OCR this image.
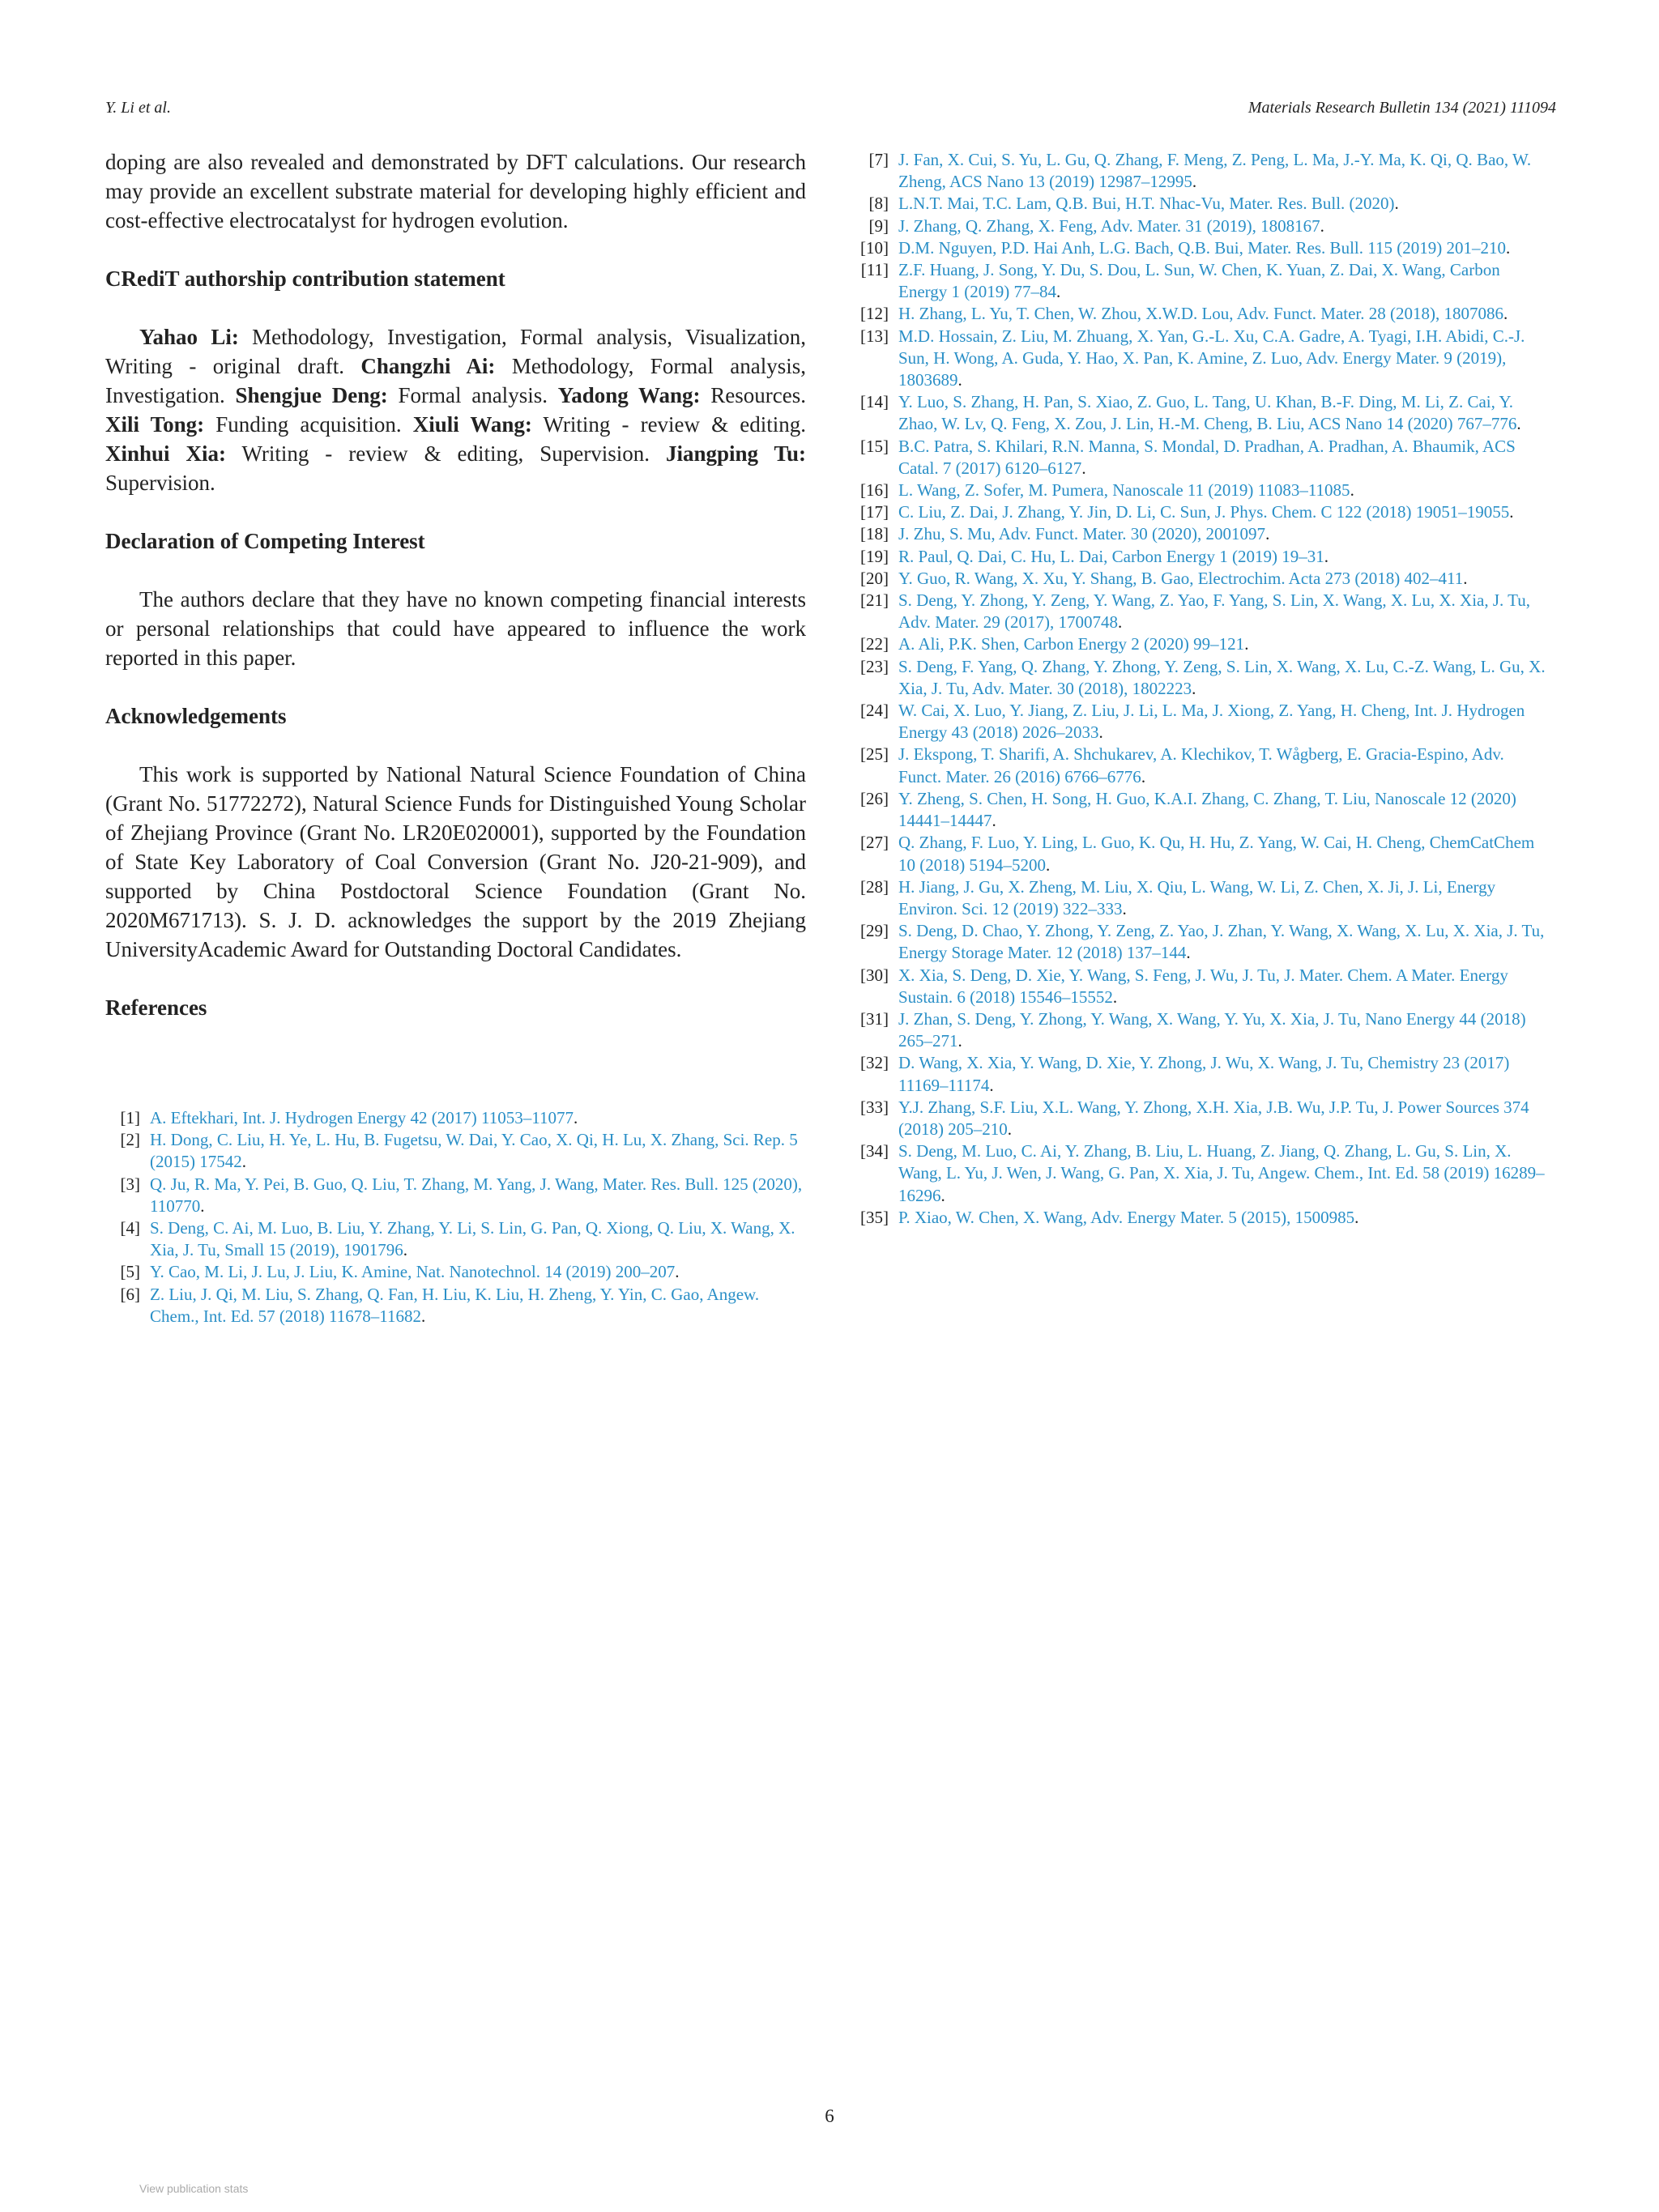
Y. Li et al.	Materials Research Bulletin 134 (2021) 111094

doping are also revealed and demonstrated by DFT calculations. Our research may provide an excellent substrate material for developing highly efficient and cost-effective electrocatalyst for hydrogen evolution.

CRediT authorship contribution statement

Yahao Li: Methodology, Investigation, Formal analysis, Visualization, Writing - original draft. Changzhi Ai: Methodology, Formal analysis, Investigation. Shengjue Deng: Formal analysis. Yadong Wang: Resources. Xili Tong: Funding acquisition. Xiuli Wang: Writing - review & editing. Xinhui Xia: Writing - review & editing, Supervision. Jiangping Tu: Supervision.

Declaration of Competing Interest

The authors declare that they have no known competing financial interests or personal relationships that could have appeared to influence the work reported in this paper.

Acknowledgements

This work is supported by National Natural Science Foundation of China (Grant No. 51772272), Natural Science Funds for Distinguished Young Scholar of Zhejiang Province (Grant No. LR20E020001), supported by the Foundation of State Key Laboratory of Coal Conversion (Grant No. J20-21-909), and supported by China Postdoctoral Science Foundation (Grant No. 2020M671713). S. J. D. acknowledges the support by the 2019 Zhejiang UniversityAcademic Award for Outstanding Doctoral Candidates.

References
[1] A. Eftekhari, Int. J. Hydrogen Energy 42 (2017) 11053–11077 .
[2] H. Dong, C. Liu, H. Ye, L. Hu, B. Fugetsu, W. Dai, Y. Cao, X. Qi, H. Lu, X. Zhang, Sci. Rep. 5 (2015) 17542 .
[3] Q. Ju, R. Ma, Y. Pei, B. Guo, Q. Liu, T. Zhang, M. Yang, J. Wang, Mater. Res. Bull. 125 (2020), 110770 .
[4] S. Deng, C. Ai, M. Luo, B. Liu, Y. Zhang, Y. Li, S. Lin, G. Pan, Q. Xiong, Q. Liu, X. Wang, X. Xia, J. Tu, Small 15 (2019), 1901796 .
[5] Y. Cao, M. Li, J. Lu, J. Liu, K. Amine, Nat. Nanotechnol. 14 (2019) 200–207 .
[6] Z. Liu, J. Qi, M. Liu, S. Zhang, Q. Fan, H. Liu, K. Liu, H. Zheng, Y. Yin, C. Gao, Angew. Chem., Int. Ed. 57 (2018) 11678–11682 .
[7] J. Fan, X. Cui, S. Yu, L. Gu, Q. Zhang, F. Meng, Z. Peng, L. Ma, J.-Y. Ma, K. Qi, Q. Bao, W. Zheng, ACS Nano 13 (2019) 12987–12995 .
[8] L.N.T. Mai, T.C. Lam, Q.B. Bui, H.T. Nhac-Vu, Mater. Res. Bull. (2020) .
[9] J. Zhang, Q. Zhang, X. Feng, Adv. Mater. 31 (2019), 1808167 .
[10] D.M. Nguyen, P.D. Hai Anh, L.G. Bach, Q.B. Bui, Mater. Res. Bull. 115 (2019) 201–210 .
[11] Z.F. Huang, J. Song, Y. Du, S. Dou, L. Sun, W. Chen, K. Yuan, Z. Dai, X. Wang, Carbon Energy 1 (2019) 77–84 .
[12] H. Zhang, L. Yu, T. Chen, W. Zhou, X.W.D. Lou, Adv. Funct. Mater. 28 (2018), 1807086 .
[13] M.D. Hossain, Z. Liu, M. Zhuang, X. Yan, G.-L. Xu, C.A. Gadre, A. Tyagi, I.H. Abidi, C.-J. Sun, H. Wong, A. Guda, Y. Hao, X. Pan, K. Amine, Z. Luo, Adv. Energy Mater. 9 (2019), 1803689 .
[14] Y. Luo, S. Zhang, H. Pan, S. Xiao, Z. Guo, L. Tang, U. Khan, B.-F. Ding, M. Li, Z. Cai, Y. Zhao, W. Lv, Q. Feng, X. Zou, J. Lin, H.-M. Cheng, B. Liu, ACS Nano 14 (2020) 767–776 .
[15] B.C. Patra, S. Khilari, R.N. Manna, S. Mondal, D. Pradhan, A. Pradhan, A. Bhaumik, ACS Catal. 7 (2017) 6120–6127 .
[16] L. Wang, Z. Sofer, M. Pumera, Nanoscale 11 (2019) 11083–11085 .
[17] C. Liu, Z. Dai, J. Zhang, Y. Jin, D. Li, C. Sun, J. Phys. Chem. C 122 (2018) 19051–19055 .
[18] J. Zhu, S. Mu, Adv. Funct. Mater. 30 (2020), 2001097 .
[19] R. Paul, Q. Dai, C. Hu, L. Dai, Carbon Energy 1 (2019) 19–31 .
[20] Y. Guo, R. Wang, X. Xu, Y. Shang, B. Gao, Electrochim. Acta 273 (2018) 402–411 .
[21] S. Deng, Y. Zhong, Y. Zeng, Y. Wang, Z. Yao, F. Yang, S. Lin, X. Wang, X. Lu, X. Xia, J. Tu, Adv. Mater. 29 (2017), 1700748 .
[22] A. Ali, P.K. Shen, Carbon Energy 2 (2020) 99–121 .
[23] S. Deng, F. Yang, Q. Zhang, Y. Zhong, Y. Zeng, S. Lin, X. Wang, X. Lu, C.-Z. Wang, L. Gu, X. Xia, J. Tu, Adv. Mater. 30 (2018), 1802223 .
[24] W. Cai, X. Luo, Y. Jiang, Z. Liu, J. Li, L. Ma, J. Xiong, Z. Yang, H. Cheng, Int. J. Hydrogen Energy 43 (2018) 2026–2033 .
[25] J. Ekspong, T. Sharifi, A. Shchukarev, A. Klechikov, T. Wågberg, E. Gracia-Espino, Adv. Funct. Mater. 26 (2016) 6766–6776 .
[26] Y. Zheng, S. Chen, H. Song, H. Guo, K.A.I. Zhang, C. Zhang, T. Liu, Nanoscale 12 (2020) 14441–14447 .
[27] Q. Zhang, F. Luo, Y. Ling, L. Guo, K. Qu, H. Hu, Z. Yang, W. Cai, H. Cheng, ChemCatChem 10 (2018) 5194–5200 .
[28] H. Jiang, J. Gu, X. Zheng, M. Liu, X. Qiu, L. Wang, W. Li, Z. Chen, X. Ji, J. Li, Energy Environ. Sci. 12 (2019) 322–333 .
[29] S. Deng, D. Chao, Y. Zhong, Y. Zeng, Z. Yao, J. Zhan, Y. Wang, X. Wang, X. Lu, X. Xia, J. Tu, Energy Storage Mater. 12 (2018) 137–144 .
[30] X. Xia, S. Deng, D. Xie, Y. Wang, S. Feng, J. Wu, J. Tu, J. Mater. Chem. A Mater. Energy Sustain. 6 (2018) 15546–15552 .
[31] J. Zhan, S. Deng, Y. Zhong, Y. Wang, X. Wang, Y. Yu, X. Xia, J. Tu, Nano Energy 44 (2018) 265–271 .
[32] D. Wang, X. Xia, Y. Wang, D. Xie, Y. Zhong, J. Wu, X. Wang, J. Tu, Chemistry 23 (2017) 11169–11174 .
[33] Y.J. Zhang, S.F. Liu, X.L. Wang, Y. Zhong, X.H. Xia, J.B. Wu, J.P. Tu, J. Power Sources 374 (2018) 205–210 .
[34] S. Deng, M. Luo, C. Ai, Y. Zhang, B. Liu, L. Huang, Z. Jiang, Q. Zhang, L. Gu, S. Lin, X. Wang, L. Yu, J. Wen, J. Wang, G. Pan, X. Xia, J. Tu, Angew. Chem., Int. Ed. 58 (2019) 16289–16296 .
[35] P. Xiao, W. Chen, X. Wang, Adv. Energy Mater. 5 (2015), 1500985 .
6
View publication stats
